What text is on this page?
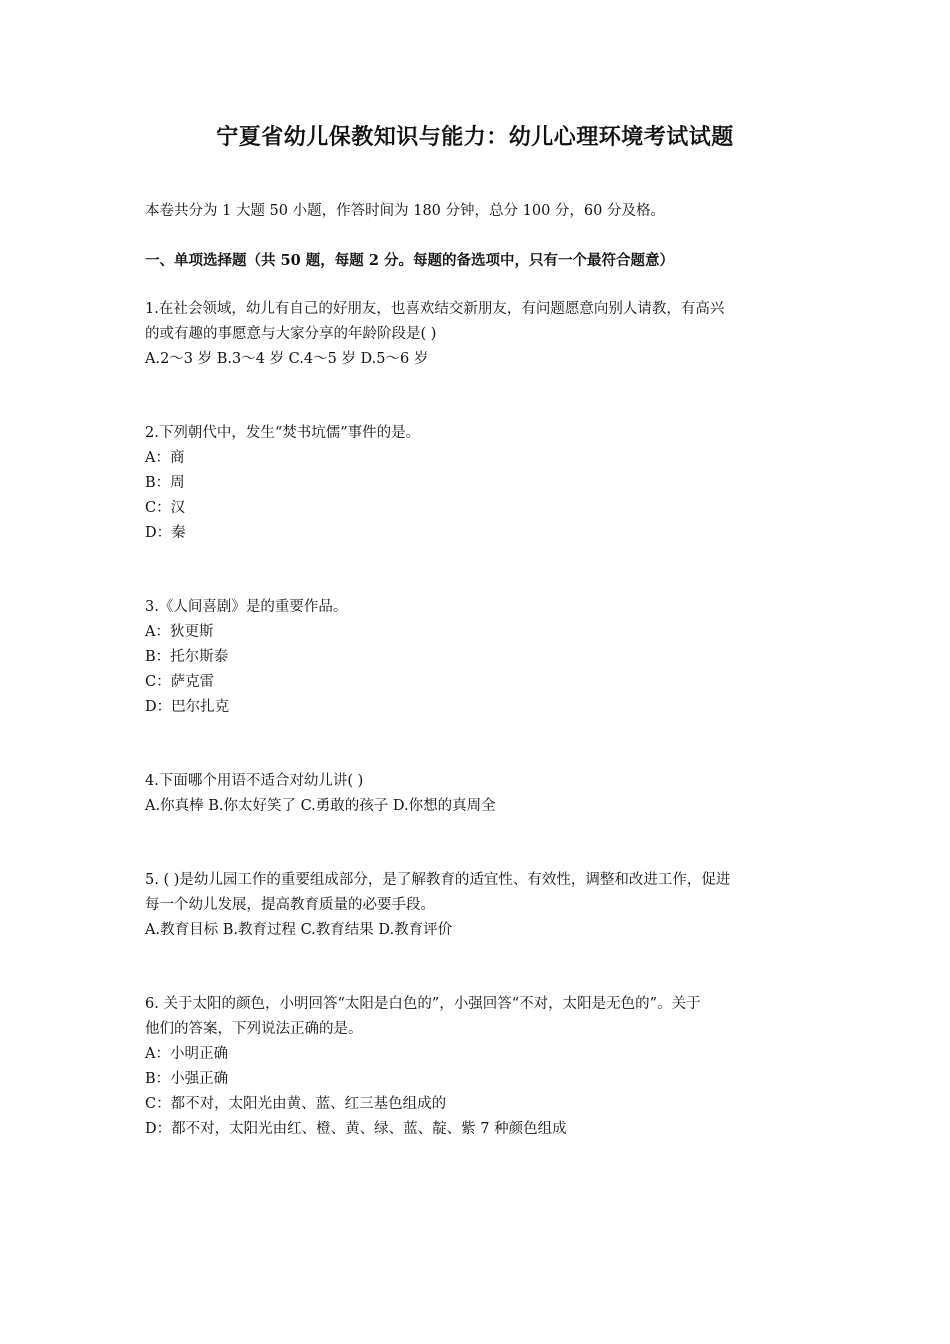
宁夏省幼儿保教知识与能力：幼儿心理环境考试试题

本卷共分为 1 大题 50 小题，作答时间为 180 分钟，总分 100 分，60 分及格。

一、单项选择题（共 50 题，每题 2 分。每题的备选项中，只有一个最符合题意）

1.在社会领域，幼儿有自己的好朋友，也喜欢结交新朋友，有问题愿意向别人请教，有高兴
的或有趣的事愿意与大家分享的年龄阶段是( )
A.2～3 岁 B.3～4 岁 C.4～5 岁 D.5～6 岁
2.下列朝代中，发生“焚书坑儒”事件的是。
A：商
B：周
C：汉
D：秦
3.《人间喜剧》是的重要作品。
A：狄更斯
B：托尔斯泰
C：萨克雷
D：巴尔扎克
4.下面哪个用语不适合对幼儿讲( )
A.你真棒 B.你太好笑了 C.勇敢的孩子 D.你想的真周全
5. ( )是幼儿园工作的重要组成部分，是了解教育的适宜性、有效性，调整和改进工作，促进
每一个幼儿发展，提高教育质量的必要手段。
A.教育目标 B.教育过程 C.教育结果 D.教育评价
6. 关于太阳的颜色，小明回答“太阳是白色的”，小强回答“不对，太阳是无色的”。关于
他们的答案，下列说法正确的是。
A：小明正确
B：小强正确
C：都不对，太阳光由黄、蓝、红三基色组成的
D：都不对，太阳光由红、橙、黄、绿、蓝、靛、紫 7 种颜色组成
